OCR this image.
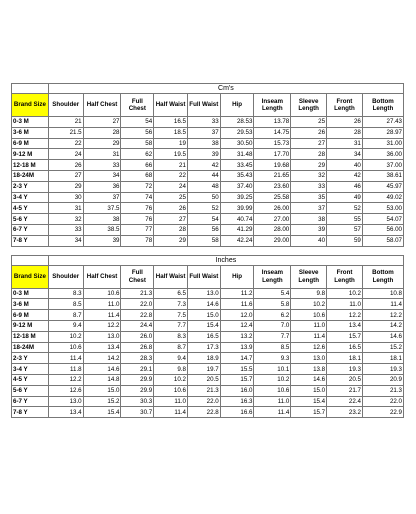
	Cm's									
Brand Size	Shoulder	Half Chest	Full Chest	Half Waist	Full Waist	Hip	Inseam Length	Sleeve Length	Front Length	Bottom Length
0-3 M	21	27	54	16.5	33	28.53	13.78	25	26	27.43
3-6 M	21.5	28	56	18.5	37	29.53	14.75	26	28	28.97
6-9 M	22	29	58	19	38	30.50	15.73	27	31	31.00
9-12 M	24	31	62	19.5	39	31.48	17.70	28	34	36.00
12-18 M	26	33	66	21	42	33.45	19.68	29	40	37.00
18-24M	27	34	68	22	44	35.43	21.65	32	42	38.61
2-3 Y	29	36	72	24	48	37.40	23.60	33	46	45.97
3-4 Y	30	37	74	25	50	39.25	25.58	35	49	49.02
4-5 Y	31	37.5	76	26	52	39.99	26.00	37	52	53.00
5-6 Y	32	38	76	27	54	40.74	27.00	38	55	54.07
6-7 Y	33	38.5	77	28	56	41.29	28.00	39	57	56.00
7-8 Y	34	39	78	29	58	42.24	29.00	40	59	58.07
	Inches									
Brand Size	Shoulder	Half Chest	Full Chest	Half Waist	Full Waist	Hip	Inseam Length	Sleeve Length	Front Length	Bottom Length
0-3 M	8.3	10.6	21.3	6.5	13.0	11.2	5.4	9.8	10.2	10.8
3-6 M	8.5	11.0	22.0	7.3	14.6	11.6	5.8	10.2	11.0	11.4
6-9 M	8.7	11.4	22.8	7.5	15.0	12.0	6.2	10.6	12.2	12.2
9-12 M	9.4	12.2	24.4	7.7	15.4	12.4	7.0	11.0	13.4	14.2
12-18 M	10.2	13.0	26.0	8.3	16.5	13.2	7.7	11.4	15.7	14.6
18-24M	10.6	13.4	26.8	8.7	17.3	13.9	8.5	12.6	16.5	15.2
2-3 Y	11.4	14.2	28.3	9.4	18.9	14.7	9.3	13.0	18.1	18.1
3-4 Y	11.8	14.6	29.1	9.8	19.7	15.5	10.1	13.8	19.3	19.3
4-5 Y	12.2	14.8	29.9	10.2	20.5	15.7	10.2	14.6	20.5	20.9
5-6 Y	12.6	15.0	29.9	10.6	21.3	16.0	10.6	15.0	21.7	21.3
6-7 Y	13.0	15.2	30.3	11.0	22.0	16.3	11.0	15.4	22.4	22.0
7-8 Y	13.4	15.4	30.7	11.4	22.8	16.6	11.4	15.7	23.2	22.9
